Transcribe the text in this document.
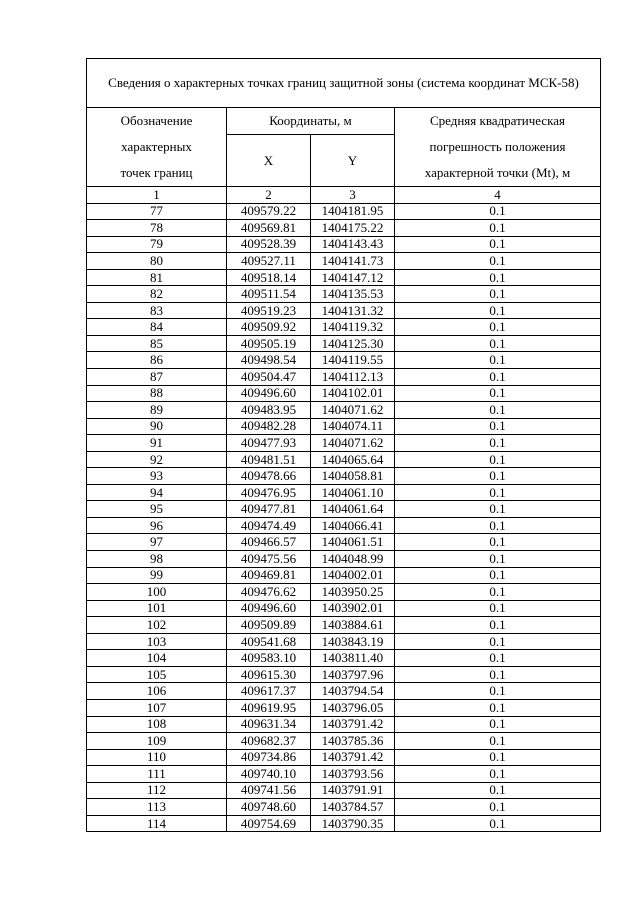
Сведения о характерных точках границ защитной зоны (система координат МСК-58)			
Обозначение
характерных
точек границ	Координаты, м		Средняя квадратическая
погрешность положения
характерной точки (Mt), м
	X	Y	
1	2	3	4
77	409579.22	1404181.95	0.1
78	409569.81	1404175.22	0.1
79	409528.39	1404143.43	0.1
80	409527.11	1404141.73	0.1
81	409518.14	1404147.12	0.1
82	409511.54	1404135.53	0.1
83	409519.23	1404131.32	0.1
84	409509.92	1404119.32	0.1
85	409505.19	1404125.30	0.1
86	409498.54	1404119.55	0.1
87	409504.47	1404112.13	0.1
88	409496.60	1404102.01	0.1
89	409483.95	1404071.62	0.1
90	409482.28	1404074.11	0.1
91	409477.93	1404071.62	0.1
92	409481.51	1404065.64	0.1
93	409478.66	1404058.81	0.1
94	409476.95	1404061.10	0.1
95	409477.81	1404061.64	0.1
96	409474.49	1404066.41	0.1
97	409466.57	1404061.51	0.1
98	409475.56	1404048.99	0.1
99	409469.81	1404002.01	0.1
100	409476.62	1403950.25	0.1
101	409496.60	1403902.01	0.1
102	409509.89	1403884.61	0.1
103	409541.68	1403843.19	0.1
104	409583.10	1403811.40	0.1
105	409615.30	1403797.96	0.1
106	409617.37	1403794.54	0.1
107	409619.95	1403796.05	0.1
108	409631.34	1403791.42	0.1
109	409682.37	1403785.36	0.1
110	409734.86	1403791.42	0.1
111	409740.10	1403793.56	0.1
112	409741.56	1403791.91	0.1
113	409748.60	1403784.57	0.1
114	409754.69	1403790.35	0.1
